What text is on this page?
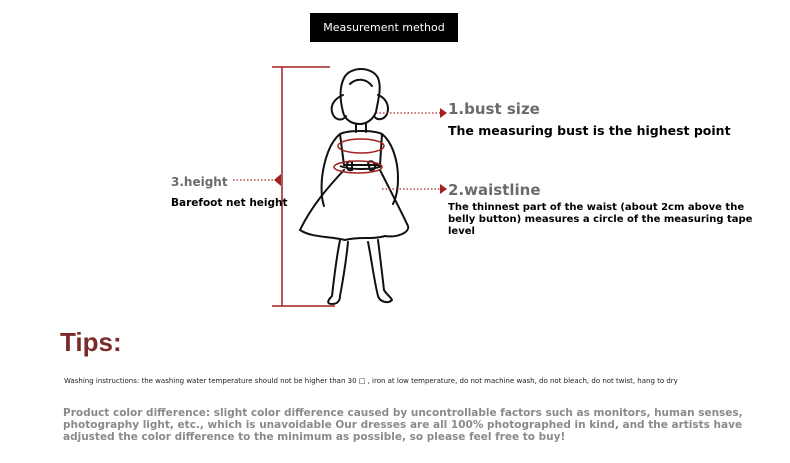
Measurement method
1.bust size
The measuring bust is the highest point
2.waistline
The thinnest part of the waist (about 2cm above the belly button) measures a circle of the measuring tape level
3.height
Barefoot net height
Tips:
Washing instructions: the washing water temperature should not be higher than 30 □ , iron at low temperature, do not machine wash, do not bleach, do not twist, hang to dry
Product color difference: slight color difference caused by uncontrollable factors such as monitors, human senses, photography light, etc., which is unavoidable Our dresses are all 100% photographed in kind, and the artists have adjusted the color difference to the minimum as possible, so please feel free to buy!
